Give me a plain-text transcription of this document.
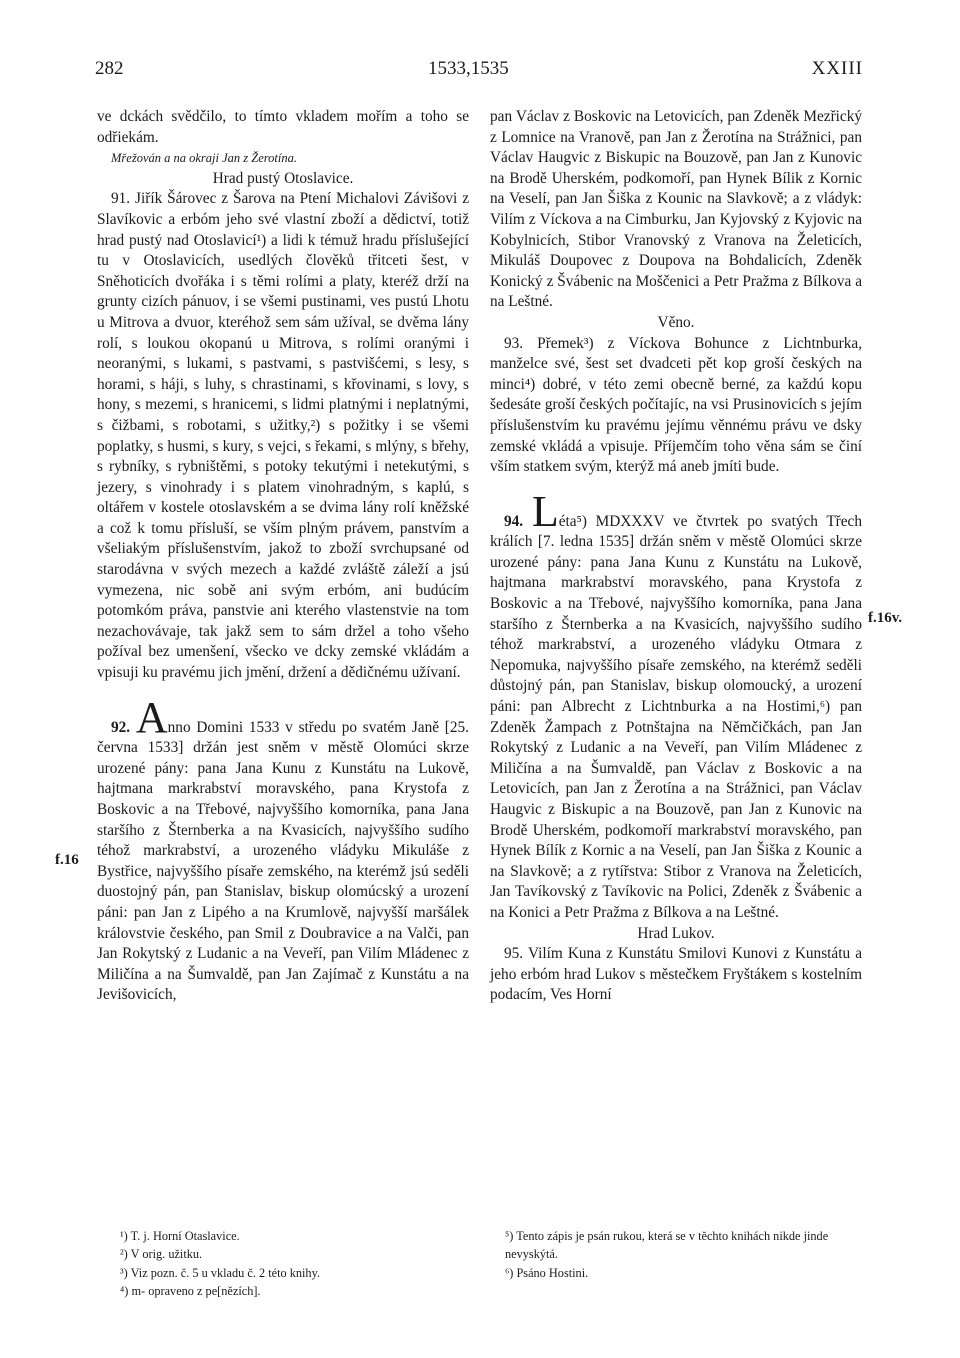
282	1533,1535	XXIII
f.16
f.16v.

ve dckách svědčilo, to tímto vkladem mořím a toho se odřiekám.

Mřežován a na okraji Jan z Žerotína.

Hrad pustý Otoslavice.

91. Jiřík Šárovec z Šarova na Ptení Michalovi Závišovi z Slavíkovic a erbóm jeho své vlastní zboží a dědictví, totiž hrad pustý nad Otoslavicí¹) a lidi k témuž hradu příslušející tu v Otoslavicích, usedlých člověků třitceti šest, v Sněhoticích dvořáka i s těmi rolími a platy, kteréž drží na grunty cizích pánuov, i se všemi pustinami, ves pustú Lhotu u Mitrova a dvuor, kteréhož sem sám užíval, se dvěma lány rolí, s loukou okopanú u Mitrova, s rolími oranými i neoranými, s lukami, s pastvami, s pastvišćemi, s lesy, s horami, s háji, s luhy, s chrastinami, s křovinami, s lovy, s hony, s mezemi, s hranicemi, s lidmi platnými i neplatnými, s čižbami, s robotami, s užitky,²) s požitky i se všemi poplatky, s husmi, s kury, s vejci, s řekami, s mlýny, s břehy, s rybníky, s rybništěmi, s potoky tekutými i netekutými, s jezery, s vinohrady i s platem vinohradným, s kaplú, s oltářem v kostele otoslavském a se dvima lány rolí kněžské a což k tomu přísluší, se vším plným právem, panstvím a všeliakým příslušenstvím, jakož to zboží svrchupsané od starodávna v svých mezech a každé zvláště záleží a jsú vymezena, nic sobě ani svým erbóm, ani budúcím potomkóm práva, panstvie ani kterého vlastenstvie na tom nezachovávaje, tak jakž sem to sám držel a toho všeho požíval bez umenšení, všecko ve dcky zemské vkládám a vpisuji ku pravému jich jmění, držení a dědičnému užívaní.

92. Anno Domini 1533 v středu po svatém Janě [25. června 1533] držán jest sněm v městě Olomúci skrze urozené pány: pana Jana Kunu z Kunstátu na Lukově, hajtmana markrabství moravského, pana Krystofa z Boskovic a na Třebové, najvyššího komorníka, pana Jana staršího z Šternberka a na Kvasicích, najvyššího sudího téhož markrabství, a urozeného vládyku Mikuláše z Bystřice, najvyššího písaře zemského, na kterémž jsú seděli duostojný pán, pan Stanislav, biskup olomúcský a urození páni: pan Jan z Lipého a na Krumlově, najvyšší maršálek královstvie českého, pan Smil z Doubravice a na Valči, pan Jan Rokytský z Ludanic a na Veveří, pan Vilím Mládenec z Miličína a na Šumvaldě, pan Jan Zajímač z Kunstátu a na Jevišovicích,

pan Václav z Boskovic na Letovicích, pan Zdeněk Mezřický z Lomnice na Vranově, pan Jan z Žerotína na Strážnici, pan Václav Haugvic z Biskupic na Bouzově, pan Jan z Kunovic na Brodě Uherském, podkomoří, pan Hynek Bílik z Kornic na Veselí, pan Jan Šiška z Kounic na Slavkově; a z vládyk: Vilím z Víckova a na Cimburku, Jan Kyjovský z Kyjovic na Kobylnicích, Stibor Vranovský z Vranova na Želeticích, Mikuláš Doupovec z Doupova na Bohdalicích, Zdeněk Konický z Švábenic na Moščenici a Petr Pražma z Bílkova a na Leštné.

Věno.

93. Přemek³) z Víckova Bohunce z Lichtnburka, manželce své, šest set dvadceti pět kop groší českých na minci⁴) dobré, v této zemi obecně berné, za každú kopu šedesáte groší českých počítajíc, na vsi Prusinovicích s jejím příslušenstvím ku pravému jejímu věnnému právu ve dsky zemské vkládá a vpisuje. Příjemčím toho věna sám se činí vším statkem svým, kterýž má aneb jmíti bude.

94. Léta⁵) MDXXXV ve čtvrtek po svatých Třech králích [7. ledna 1535] držán sněm v městě Olomúci skrze urozené pány: pana Jana Kunu z Kunstátu na Lukově, hajtmana markrabství moravského, pana Krystofa z Boskovic a na Třebové, najvyššího komorníka, pana Jana staršího z Šternberka a na Kvasicích, najvyššího sudího téhož markrabství, a urozeného vládyku Otmara z Nepomuka, najvyššího písaře zemského, na kterémž seděli důstojný pán, pan Stanislav, biskup olomoucký, a urození páni: pan Albrecht z Lichtnburka a na Hostimi,⁶) pan Zdeněk Žampach z Potnštajna na Němčičkách, pan Jan Rokytský z Ludanic a na Veveří, pan Vilím Mládenec z Miličína a na Šumvaldě, pan Václav z Boskovic a na Letovicích, pan Jan z Žerotína a na Strážnici, pan Václav Haugvic z Biskupic a na Bouzově, pan Jan z Kunovic na Brodě Uherském, podkomoří markrabství moravského, pan Hynek Bílík z Kornic a na Veselí, pan Jan Šiška z Kounic a na Slavkově; a z rytířstva: Stibor z Vranova na Želeticích, Jan Tavíkovský z Tavíkovic na Polici, Zdeněk z Švábenic a na Konici a Petr Pražma z Bílkova a na Leštné.

Hrad Lukov.

95. Vilím Kuna z Kunstátu Smilovi Kunovi z Kunstátu a jeho erbóm hrad Lukov s městečkem Fryštákem s kostelním podacím, Ves Horní

¹) T. j. Horní Otaslavice.
²) V orig. užitku.
³) Viz pozn. č. 5 u vkladu č. 2 této knihy.
⁴) m- opraveno z pe[nězích].
⁵) Tento zápis je psán rukou, která se v těchto knihách nikde jinde nevyskýtá.
⁶) Psáno Hostini.
